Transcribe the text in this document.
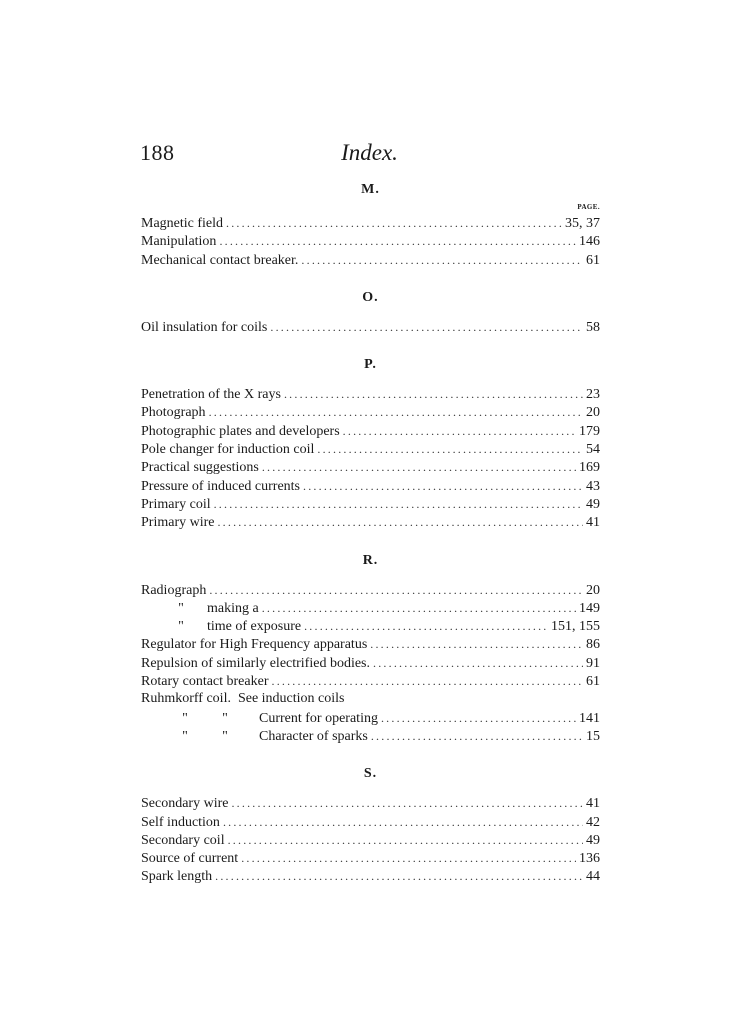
188	Index.
M.
PAGE.
Magnetic field .....	35, 37
Manipulation .....	146
Mechanical contact breaker. .....	61
O.
Oil insulation for coils .....	58
P.
Penetration of the X rays .....	23
Photograph .....	20
Photographic plates and developers .....	179
Pole changer for induction coil .....	54
Practical suggestions .....	169
Pressure of induced currents .....	43
Primary coil .....	49
Primary wire .....	41
R.
Radiograph .....	20
" making a .....	149
" time of exposure .....	151, 155
Regulator for High Frequency apparatus .....	86
Repulsion of similarly electrified bodies. .....	91
Rotary contact breaker .....	61
Ruhmkorff coil.  See induction coils
" " Current for operating .....	141
" " Character of sparks .....	15
S.
Secondary wire .....	41
Self induction .....	42
Secondary coil .....	49
Source of current .....	136
Spark length .....	44
